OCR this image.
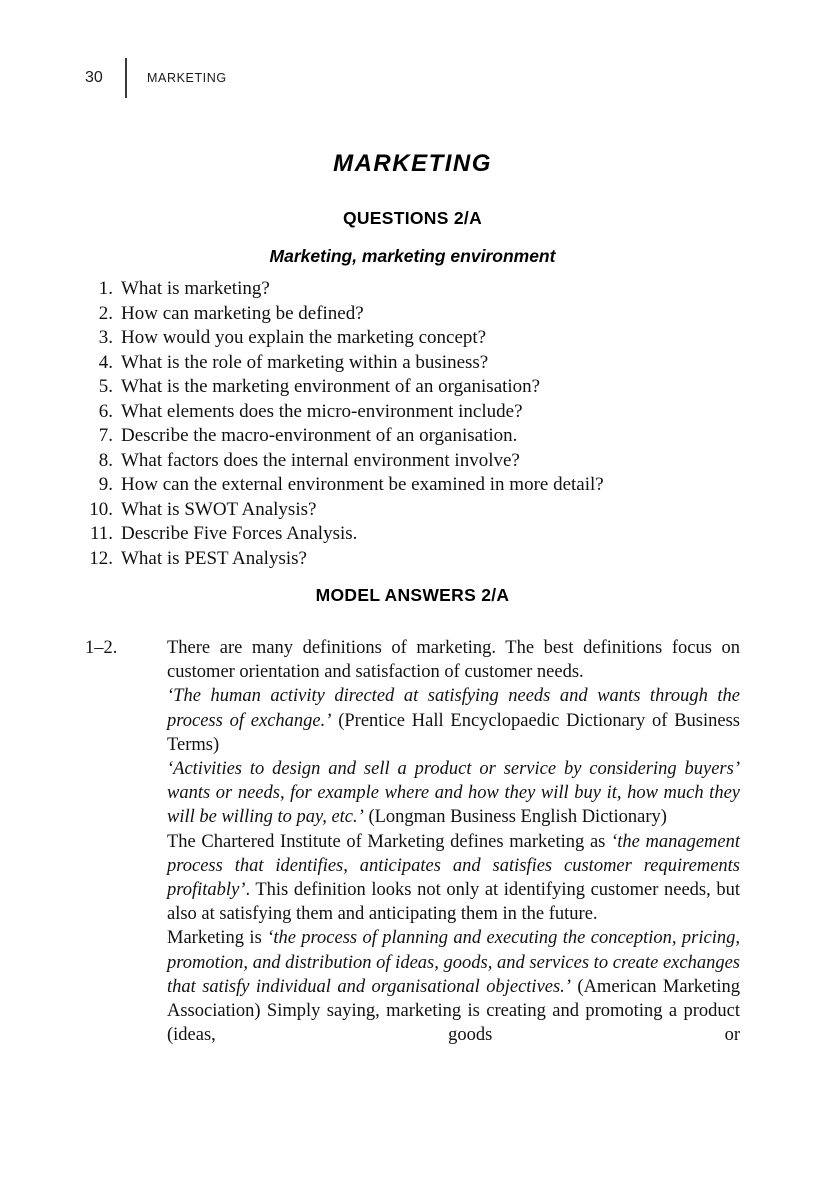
30	MARKETING
MARKETING
QUESTIONS 2/A
Marketing, marketing environment
1. What is marketing?
2. How can marketing be defined?
3. How would you explain the marketing concept?
4. What is the role of marketing within a business?
5. What is the marketing environment of an organisation?
6. What elements does the micro-environment include?
7. Describe the macro-environment of an organisation.
8. What factors does the internal environment involve?
9. How can the external environment be examined in more detail?
10. What is SWOT Analysis?
11. Describe Five Forces Analysis.
12. What is PEST Analysis?
MODEL ANSWERS 2/A
1–2.	There are many definitions of marketing. The best definitions focus on customer orientation and satisfaction of customer needs.

‘The human activity directed at satisfying needs and wants through the process of exchange.’ (Prentice Hall Encyclopaedic Dictionary of Business Terms)

‘Activities to design and sell a product or service by considering buyers’ wants or needs, for example where and how they will buy it, how much they will be willing to pay, etc.’ (Longman Business English Dictionary)

The Chartered Institute of Marketing defines marketing as ‘the management process that identifies, anticipates and satisfies customer requirements profitably’. This definition looks not only at identifying customer needs, but also at satisfying them and anticipating them in the future.

Marketing is ‘the process of planning and executing the conception, pricing, promotion, and distribution of ideas, goods, and services to create exchanges that satisfy individual and organisational objectives.’ (American Marketing Association) Simply saying, marketing is creating and promoting a product (ideas, goods or
